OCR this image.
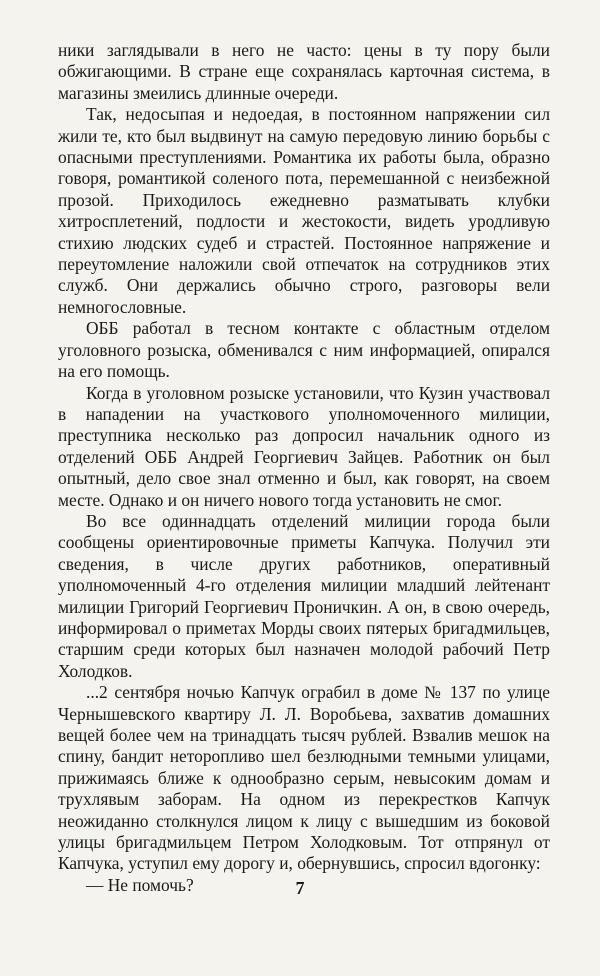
ники заглядывали в него не часто: цены в ту пору были обжигающими. В стране еще сохранялась карточная система, в магазины змеились длинные очереди.

Так, недосыпая и недоедая, в постоянном напряжении сил жили те, кто был выдвинут на самую передовую линию борьбы с опасными преступлениями. Романтика их работы была, образно говоря, романтикой соленого пота, перемешанной с неизбежной прозой. Приходилось ежедневно разматывать клубки хитросплетений, подлости и жестокости, видеть уродливую стихию людских судеб и страстей. Постоянное напряжение и переутомление наложили свой отпечаток на сотрудников этих служб. Они держались обычно строго, разговоры вели немногословные.

ОББ работал в тесном контакте с областным отделом уголовного розыска, обменивался с ним информацией, опирался на его помощь.

Когда в уголовном розыске установили, что Кузин участвовал в нападении на участкового уполномоченного милиции, преступника несколько раз допросил начальник одного из отделений ОББ Андрей Георгиевич Зайцев. Работник он был опытный, дело свое знал отменно и был, как говорят, на своем месте. Однако и он ничего нового тогда установить не смог.

Во все одиннадцать отделений милиции города были сообщены ориентировочные приметы Капчука. Получил эти сведения, в числе других работников, оперативный уполномоченный 4-го отделения милиции младший лейтенант милиции Григорий Георгиевич Проничкин. А он, в свою очередь, информировал о приметах Морды своих пятерых бригадмильцев, старшим среди которых был назначен молодой рабочий Петр Холодков.

...2 сентября ночью Капчук ограбил в доме № 137 по улице Чернышевского квартиру Л. Л. Воробьева, захватив домашних вещей более чем на тринадцать тысяч рублей. Взвалив мешок на спину, бандит неторопливо шел безлюдными темными улицами, прижимаясь ближе к однообразно серым, невысоким домам и трухлявым заборам. На одном из перекрестков Капчук неожиданно столкнулся лицом к лицу с вышедшим из боковой улицы бригадмильцем Петром Холодковым. Тот отпрянул от Капчука, уступил ему дорогу и, обернувшись, спросил вдогонку:

— Не помочь?	7
